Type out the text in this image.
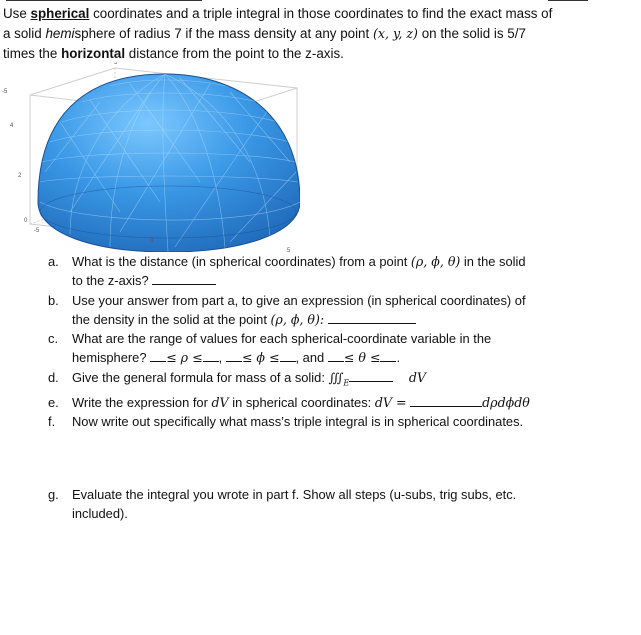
Use spherical coordinates and a triple integral in those coordinates to find the exact mass of
a solid hemisphere of radius 7 if the mass density at any point (x, y, z) on the solid is 5/7
times the horizontal distance from the point to the z-axis.
5
-5
4
2
0
-5
0
5
a.	What is the distance (in spherical coordinates) from a point (ρ, ϕ, θ) in the solid
to the z-axis?
b.	Use your answer from part a, to give an expression (in spherical coordinates) of
the density in the solid at the point (ρ, ϕ, θ):
c.	What are the range of values for each spherical-coordinate variable in the
hemisphere? ≤ ρ ≤ , ≤ ϕ ≤ , and ≤ θ ≤ .
d.	Give the general formula for mass of a solid: $∭_E$	dV
e.	Write the expression for dV in spherical coordinates: dV =	dρdϕdθ
f.	Now write out specifically what mass’s triple integral is in spherical coordinates.
g.	Evaluate the integral you wrote in part f. Show all steps (u-subs, trig subs, etc.
included).
